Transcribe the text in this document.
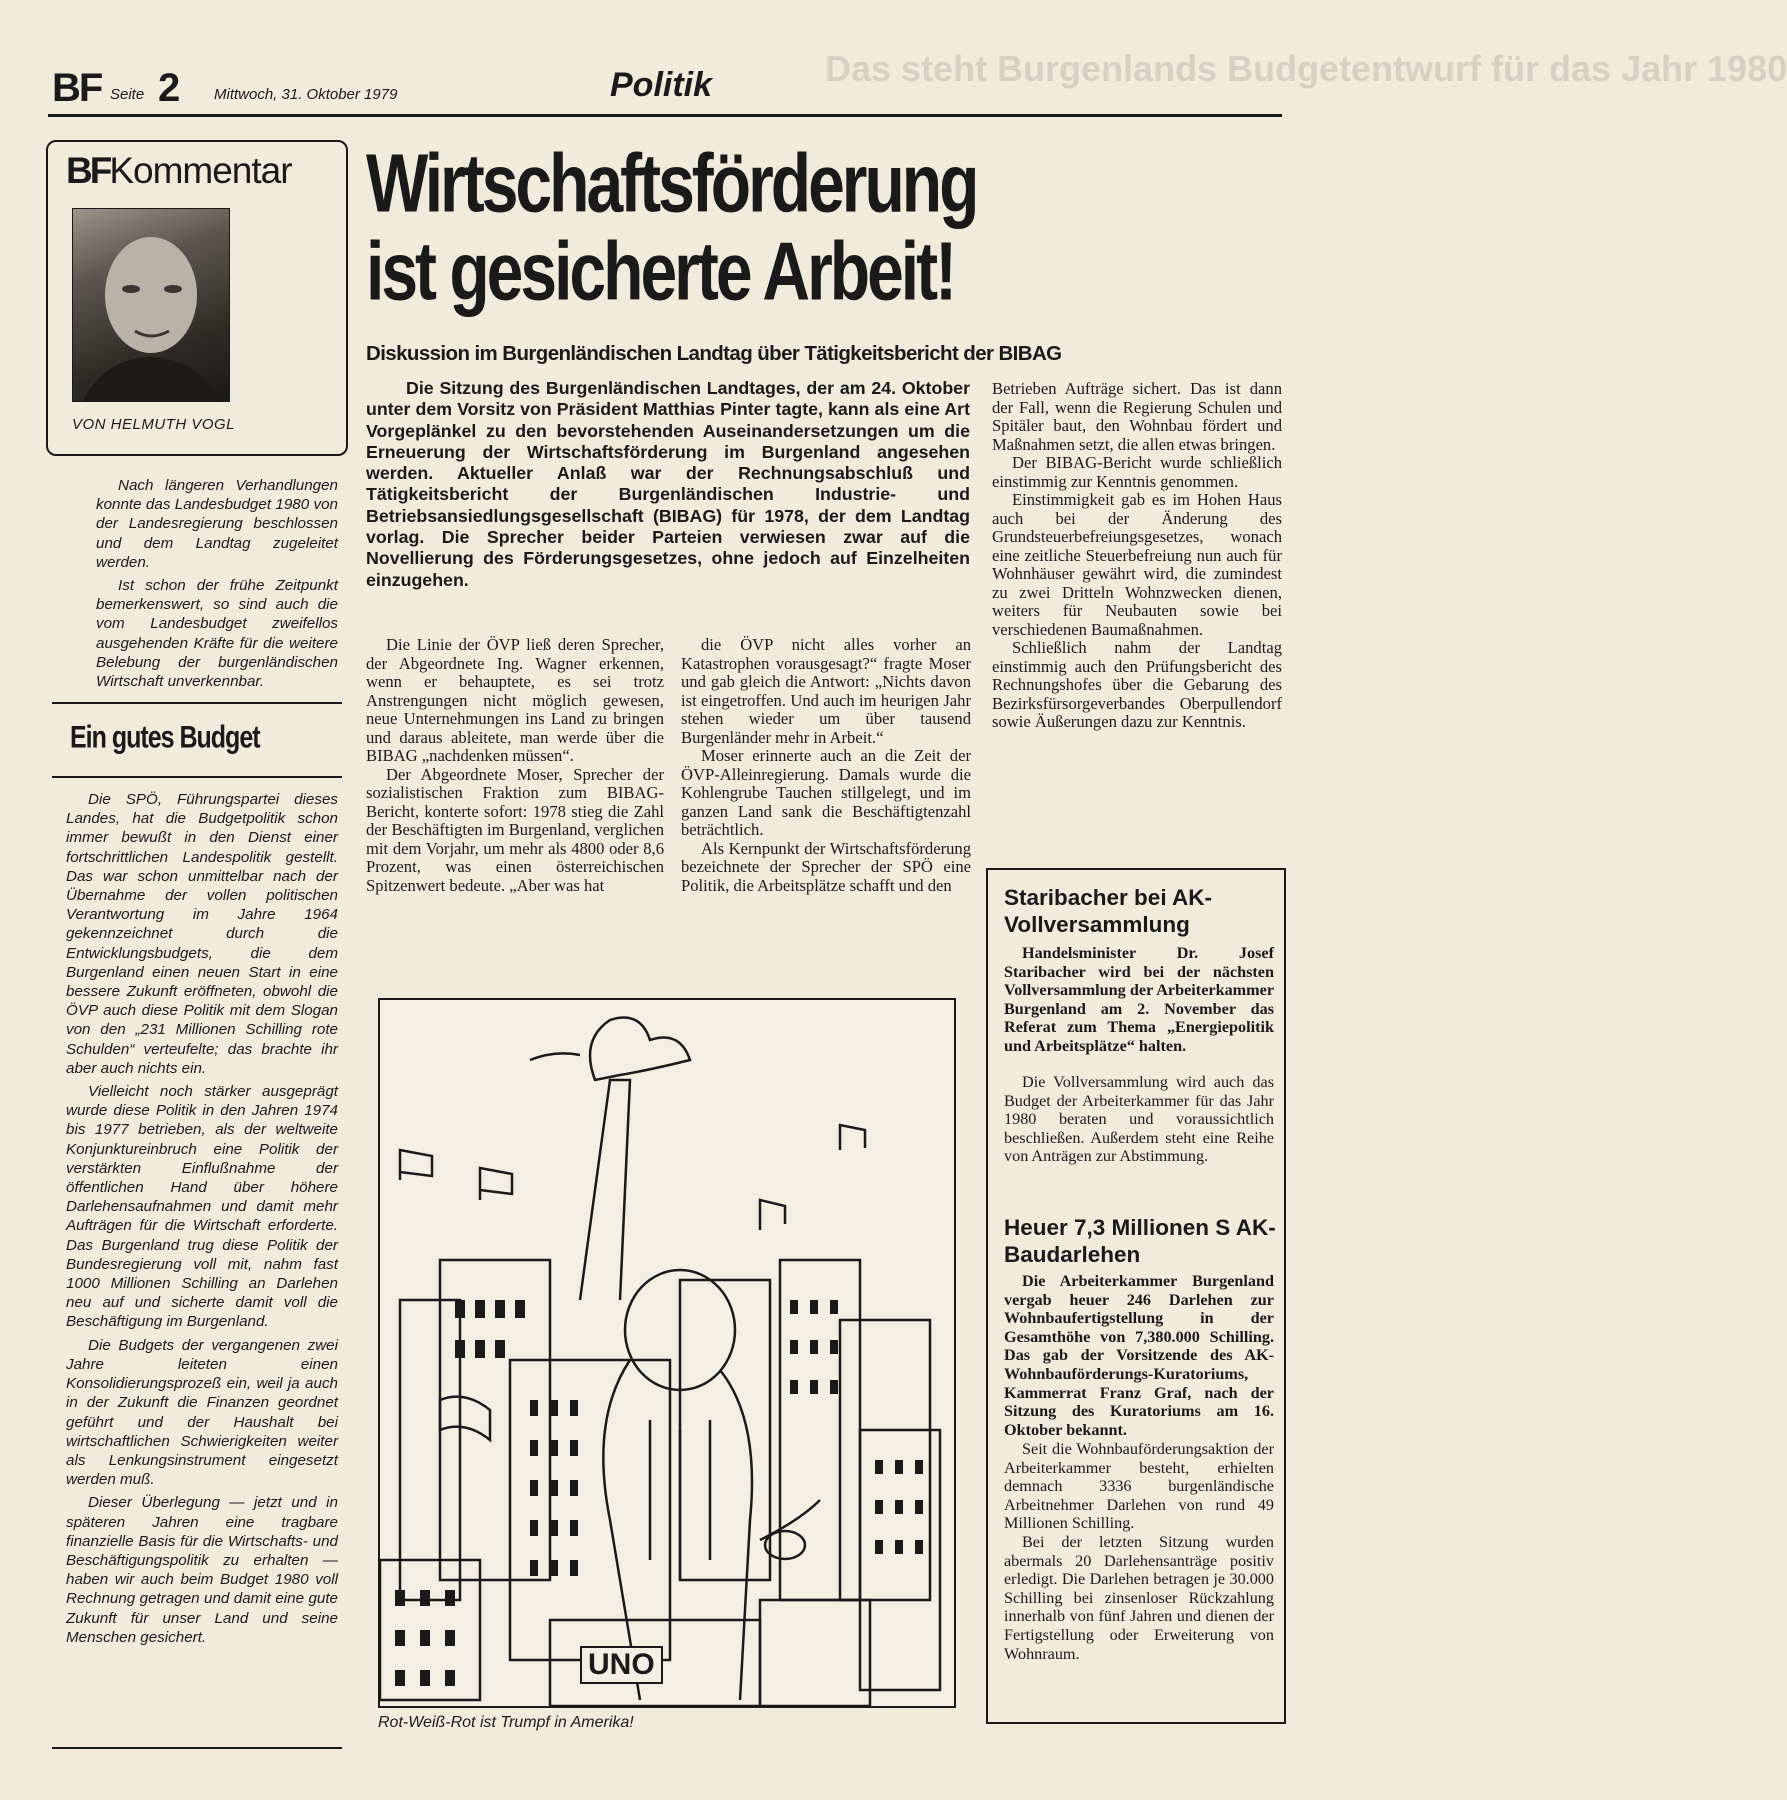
Das steht Burgenlands Budgetentwurf für das Jahr 1980
BF Seite 2 Mittwoch, 31. Oktober 1979	Politik
BFKommentar
VON HELMUTH VOGL

Nach längeren Verhandlungen konnte das Landesbudget 1980 von der Landesregierung beschlossen und dem Landtag zugeleitet werden.

Ist schon der frühe Zeitpunkt bemerkenswert, so sind auch die vom Landesbudget zweifellos ausgehenden Kräfte für die weitere Belebung der burgenländischen Wirtschaft unverkennbar.

Ein gutes Budget

Die SPÖ, Führungspartei dieses Landes, hat die Budgetpolitik schon immer bewußt in den Dienst einer fortschrittlichen Landespolitik gestellt. Das war schon unmittelbar nach der Übernahme der vollen politischen Verantwortung im Jahre 1964 gekennzeichnet durch die Entwicklungsbudgets, die dem Burgenland einen neuen Start in eine bessere Zukunft eröffneten, obwohl die ÖVP auch diese Politik mit dem Slogan von den „231 Millionen Schilling rote Schulden“ verteufelte; das brachte ihr aber auch nichts ein.

Vielleicht noch stärker ausgeprägt wurde diese Politik in den Jahren 1974 bis 1977 betrieben, als der weltweite Konjunktureinbruch eine Politik der verstärkten Einflußnahme der öffentlichen Hand über höhere Darlehensaufnahmen und damit mehr Aufträgen für die Wirtschaft erforderte. Das Burgenland trug diese Politik der Bundesregierung voll mit, nahm fast 1000 Millionen Schilling an Darlehen neu auf und sicherte damit voll die Beschäftigung im Burgenland.

Die Budgets der vergangenen zwei Jahre leiteten einen Konsolidierungsprozeß ein, weil ja auch in der Zukunft die Finanzen geordnet geführt und der Haushalt bei wirtschaftlichen Schwierigkeiten weiter als Lenkungsinstrument eingesetzt werden muß.

Dieser Überlegung — jetzt und in späteren Jahren eine tragbare finanzielle Basis für die Wirtschafts- und Beschäftigungspolitik zu erhalten — haben wir auch beim Budget 1980 voll Rechnung getragen und damit eine gute Zukunft für unser Land und seine Menschen gesichert.

Wirtschaftsförderung
ist gesicherte Arbeit!
Diskussion im Burgenländischen Landtag über Tätigkeitsbericht der BIBAG

Die Sitzung des Burgenländischen Landtages, der am 24. Oktober unter dem Vorsitz von Präsident Matthias Pinter tagte, kann als eine Art Vorgeplänkel zu den bevorstehenden Auseinandersetzungen um die Erneuerung der Wirtschaftsförderung im Burgenland angesehen werden. Aktueller Anlaß war der Rechnungsabschluß und Tätigkeitsbericht der Burgenländischen Industrie- und Betriebsansiedlungsgesellschaft (BIBAG) für 1978, der dem Landtag vorlag. Die Sprecher beider Parteien verwiesen zwar auf die Novellierung des Förderungsgesetzes, ohne jedoch auf Einzelheiten einzugehen.

Die Linie der ÖVP ließ deren Sprecher, der Abgeordnete Ing. Wagner erkennen, wenn er behauptete, es sei trotz Anstrengungen nicht möglich gewesen, neue Unternehmungen ins Land zu bringen und daraus ableitete, man werde über die BIBAG „nachdenken müssen“.

Der Abgeordnete Moser, Sprecher der sozialistischen Fraktion zum BIBAG-Bericht, konterte sofort: 1978 stieg die Zahl der Beschäftigten im Burgenland, verglichen mit dem Vorjahr, um mehr als 4800 oder 8,6 Prozent, was einen österreichischen Spitzenwert bedeute. „Aber was hat

die ÖVP nicht alles vorher an Katastrophen vorausgesagt?“ fragte Moser und gab gleich die Antwort: „Nichts davon ist eingetroffen. Und auch im heurigen Jahr stehen wieder um über tausend Burgenländer mehr in Arbeit.“

Moser erinnerte auch an die Zeit der ÖVP-Alleinregierung. Damals wurde die Kohlengrube Tauchen stillgelegt, und im ganzen Land sank die Beschäftigtenzahl beträchtlich.

Als Kernpunkt der Wirtschaftsförderung bezeichnete der Sprecher der SPÖ eine Politik, die Arbeitsplätze schafft und den

Betrieben Aufträge sichert. Das ist dann der Fall, wenn die Regierung Schulen und Spitäler baut, den Wohnbau fördert und Maßnahmen setzt, die allen etwas bringen.

Der BIBAG-Bericht wurde schließlich einstimmig zur Kenntnis genommen.

Einstimmigkeit gab es im Hohen Haus auch bei der Änderung des Grundsteuerbefreiungsgesetzes, wonach eine zeitliche Steuerbefreiung nun auch für Wohnhäuser gewährt wird, die zumindest zu zwei Dritteln Wohnzwecken dienen, weiters für Neubauten sowie bei verschiedenen Baumaßnahmen.

Schließlich nahm der Landtag einstimmig auch den Prüfungsbericht des Rechnungshofes über die Gebarung des Bezirksfürsorgeverbandes Oberpullendorf sowie Äußerungen dazu zur Kenntnis.

UNO
Rot-Weiß-Rot ist Trumpf in Amerika!
Staribacher bei AK-Vollversammlung

Handelsminister Dr. Josef Staribacher wird bei der nächsten Vollversammlung der Arbeiterkammer Burgenland am 2. November das Referat zum Thema „Energiepolitik und Arbeitsplätze“ halten.

Die Vollversammlung wird auch das Budget der Arbeiterkammer für das Jahr 1980 beraten und voraussichtlich beschließen. Außerdem steht eine Reihe von Anträgen zur Abstimmung.

Heuer 7,3 Millionen S AK-Baudarlehen

Die Arbeiterkammer Burgenland vergab heuer 246 Darlehen zur Wohnbaufertigstellung in der Gesamthöhe von 7,380.000 Schilling. Das gab der Vorsitzende des AK-Wohnbauförderungs-Kuratoriums, Kammerrat Franz Graf, nach der Sitzung des Kuratoriums am 16. Oktober bekannt.

Seit die Wohnbauförderungsaktion der Arbeiterkammer besteht, erhielten demnach 3336 burgenländische Arbeitnehmer Darlehen von rund 49 Millionen Schilling.

Bei der letzten Sitzung wurden abermals 20 Darlehensanträge positiv erledigt. Die Darlehen betragen je 30.000 Schilling bei zinsenloser Rückzahlung innerhalb von fünf Jahren und dienen der Fertigstellung oder Erweiterung von Wohnraum.
